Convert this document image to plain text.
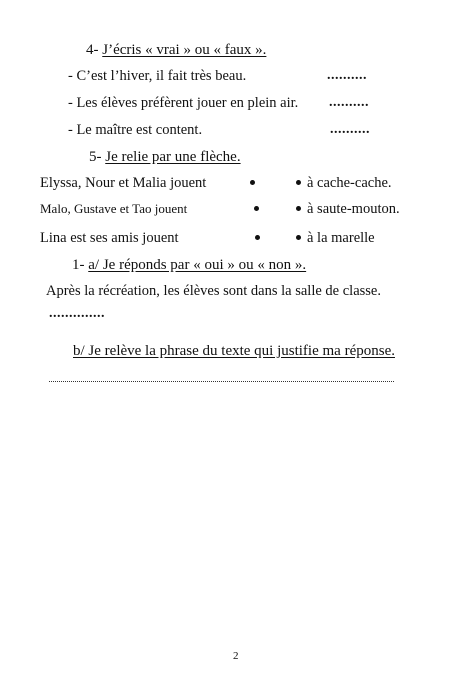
4- J’écris « vrai » ou « faux ».
- C’est l’hiver, il fait très beau.	..........
- Les élèves préfèrent jouer en plein air. ..........
- Le maître est content.	..........
5- Je relie par une flèche.
Elyssa, Nour et Malia jouent	à cache-cache.
Malo, Gustave et Tao jouent	à saute-mouton.
Lina est ses amis jouent	à la marelle
1- a/ Je réponds par « oui » ou « non ».
Après la récréation, les élèves sont dans la salle de classe.
..............
b/ Je relève la phrase du texte qui justifie ma réponse.
2
